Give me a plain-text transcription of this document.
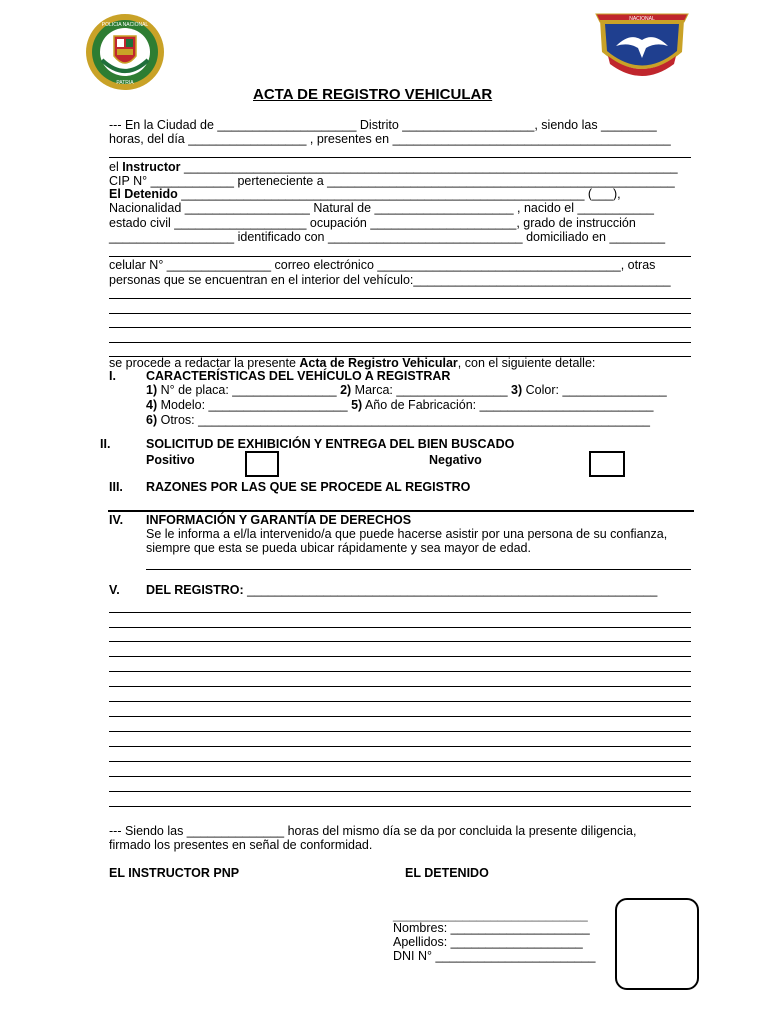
POLICIA NACIONAL
PATRIA
NACIONAL
ACTA DE REGISTRO VEHICULAR
--- En la Ciudad de ____________________ Distrito ___________________, siendo las ________
horas, del día _________________ , presentes en ________________________________________
el Instructor _______________________________________________________________________
CIP N° ____________ perteneciente a __________________________________________________
El Detenido __________________________________________________________ (___),
Nacionalidad __________________ Natural de ____________________ , nacido el ___________
estado civil ___________________ ocupación _____________________, grado de instrucción
__________________ identificado con ____________________________ domiciliado en ________
celular N° _______________ correo electrónico ___________________________________, otras
personas que se encuentran en el interior del vehículo:_____________________________________
se procede a redactar la presente Acta de Registro Vehicular, con el siguiente detalle:
I. CARACTERÍSTICAS DEL VEHÍCULO A REGISTRAR
1) N° de placa: _______________ 2) Marca: ________________ 3) Color: _______________
4) Modelo: ____________________ 5) Año de Fabricación: _________________________
6) Otros: _________________________________________________________________
II.	SOLICITUD DE EXHIBICIÓN Y ENTREGA DEL BIEN BUSCADO
Positivo	Negativo
III. RAZONES POR LAS QUE SE PROCEDE AL REGISTRO
IV. INFORMACIÓN Y GARANTÍA DE DERECHOS
Se le informa a el/la intervenido/a que puede hacerse asistir por una persona de su confianza,
siempre que esta se pueda ubicar rápidamente y sea mayor de edad.
V. DEL REGISTRO: ___________________________________________________________
--- Siendo las ______________ horas del mismo día se da por concluida la presente diligencia,
firmado los presentes en señal de conformidad.
EL INSTRUCTOR PNP	EL DETENIDO
____________________________
Nombres: ____________________
Apellidos: ___________________
DNI N° _______________________
